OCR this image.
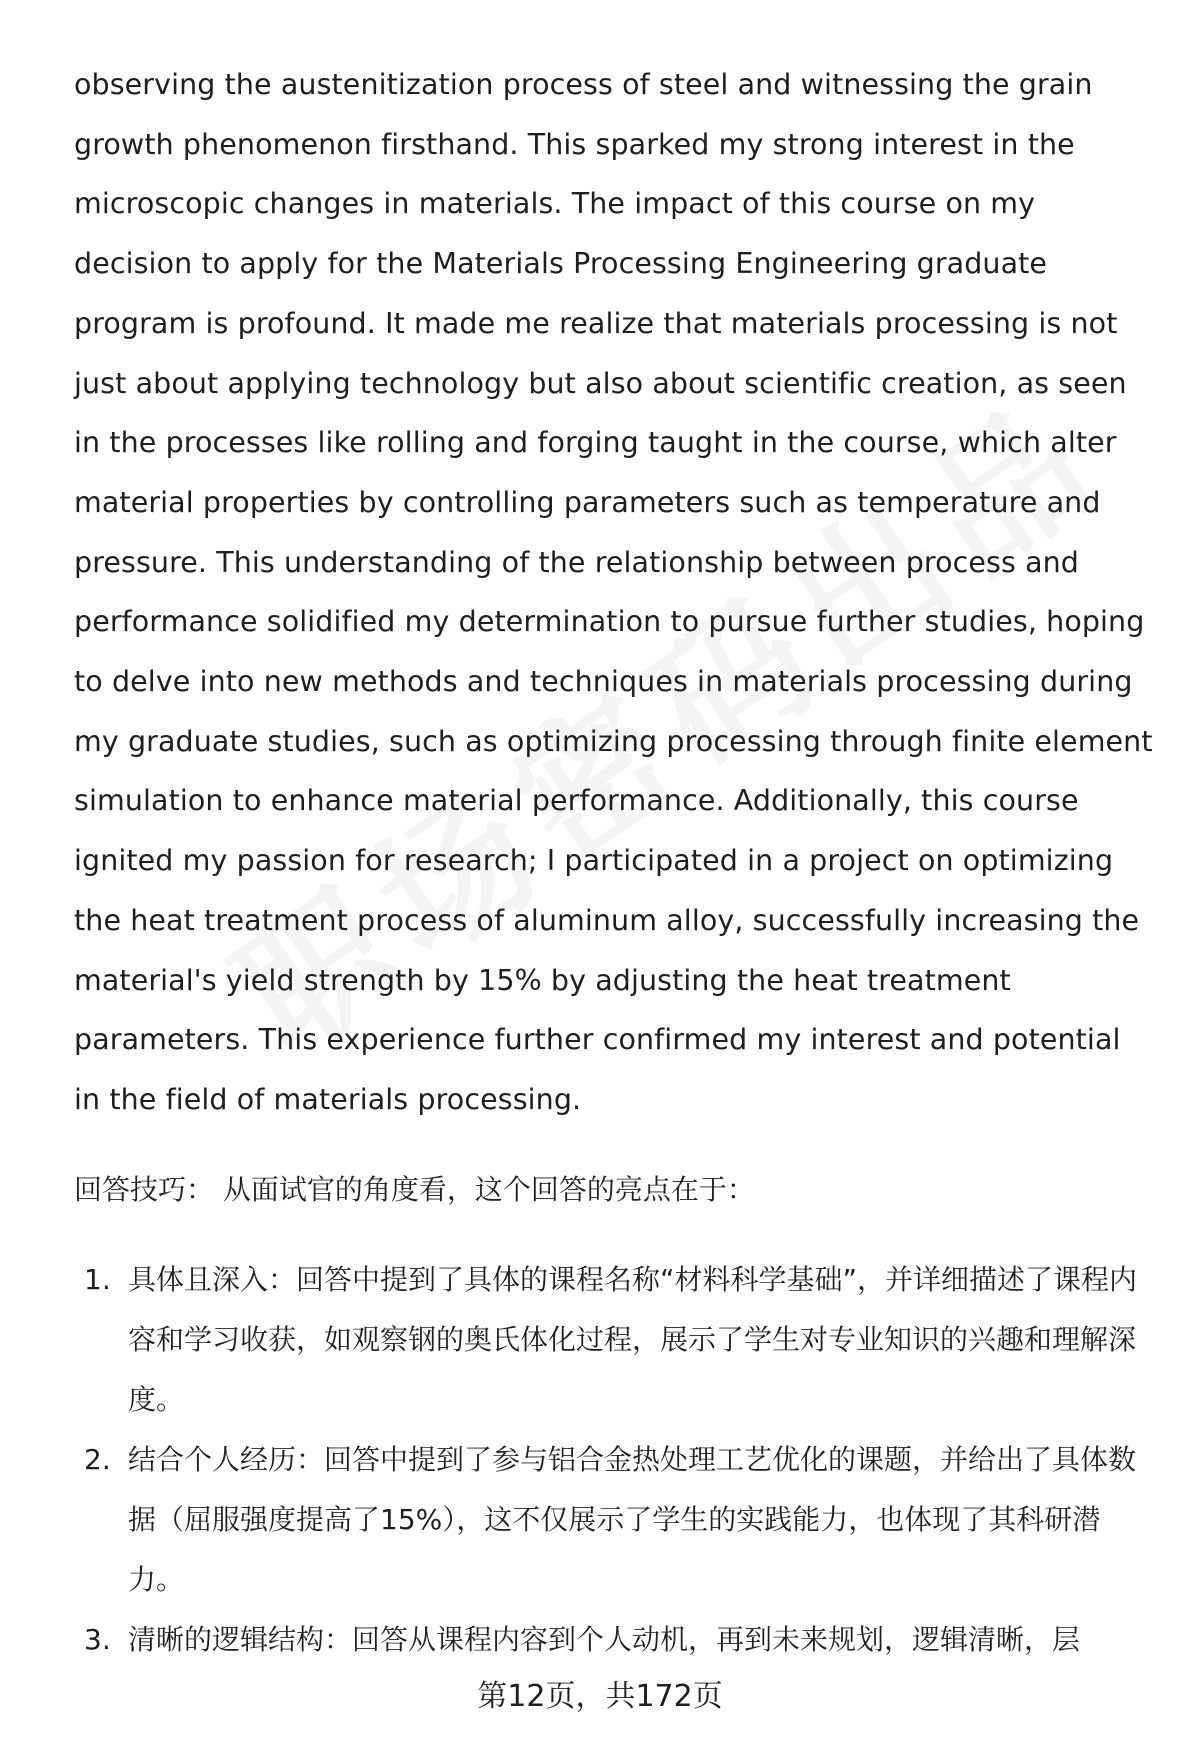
observing the austenitization process of steel and witnessing the grain growth phenomenon firsthand. This sparked my strong interest in the microscopic changes in materials. The impact of this course on my decision to apply for the Materials Processing Engineering graduate program is profound. It made me realize that materials processing is not just about applying technology but also about scientific creation, as seen in the processes like rolling and forging taught in the course, which alter material properties by controlling parameters such as temperature and pressure. This understanding of the relationship between process and performance solidified my determination to pursue further studies, hoping to delve into new methods and techniques in materials processing during my graduate studies, such as optimizing processing through finite element simulation to enhance material performance. Additionally, this course ignited my passion for research; I participated in a project on optimizing the heat treatment process of aluminum alloy, successfully increasing the material's yield strength by 15% by adjusting the heat treatment parameters. This experience further confirmed my interest and potential in the field of materials processing.

回答技巧： 从面试官的角度看，这个回答的亮点在于：

1. 具体且深入：回答中提到了具体的课程名称“材料科学基础”，并详细描述了课程内容和学习收获，如观察钢的奥氏体化过程，展示了学生对专业知识的兴趣和理解深度。
2. 结合个人经历：回答中提到了参与铝合金热处理工艺优化的课题，并给出了具体数据（屈服强度提高了15%），这不仅展示了学生的实践能力，也体现了其科研潜力。
3. 清晰的逻辑结构：回答从课程内容到个人动机，再到未来规划，逻辑清晰，层
第12页，共172页
